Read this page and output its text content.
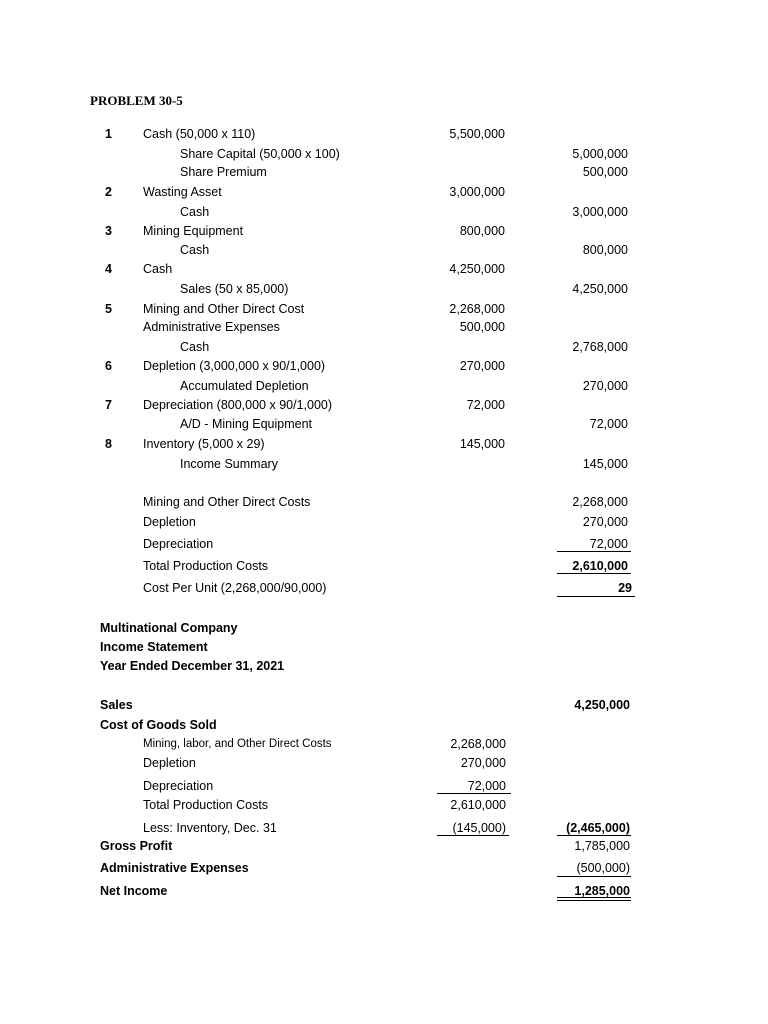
PROBLEM 30-5
1 Cash (50,000 x 110)	5,500,000
Share Capital (50,000 x 100)	5,000,000
Share Premium	500,000
2 Wasting Asset	3,000,000
Cash	3,000,000
3 Mining Equipment	800,000
Cash	800,000
4 Cash	4,250,000
Sales (50 x 85,000)	4,250,000
5 Mining and Other Direct Cost	2,268,000
Administrative Expenses	500,000
Cash	2,768,000
6 Depletion (3,000,000 x 90/1,000)	270,000
Accumulated Depletion	270,000
7 Depreciation (800,000 x 90/1,000)	72,000
A/D - Mining Equipment	72,000
8 Inventory (5,000 x 29)	145,000
Income Summary	145,000
Mining and Other Direct Costs	2,268,000
Depletion	270,000
Depreciation	72,000
Total Production Costs	2,610,000
Cost Per Unit (2,268,000/90,000)	29
Multinational Company
Income Statement
Year Ended December 31, 2021
Sales	4,250,000
Cost of Goods Sold
Mining, labor, and Other Direct Costs	2,268,000
Depletion	270,000
Depreciation	72,000
Total Production Costs	2,610,000
Less: Inventory, Dec. 31	(145,000)	(2,465,000)
Gross Profit	1,785,000
Administrative Expenses	(500,000)
Net Income	1,285,000
